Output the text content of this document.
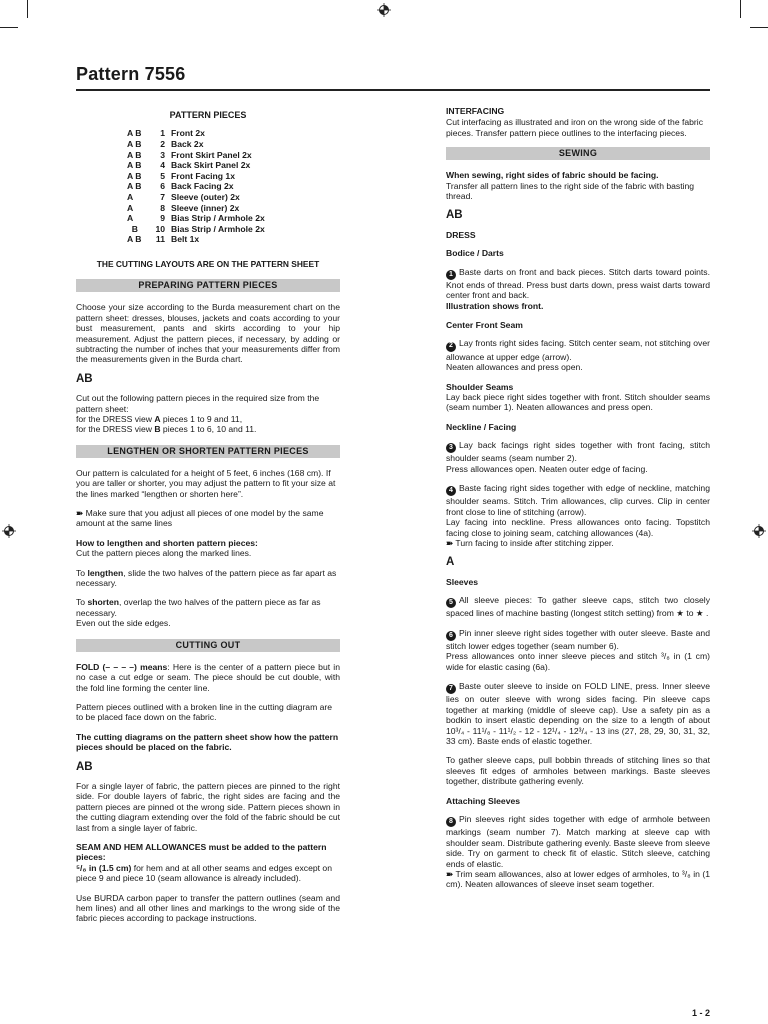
Pattern 7556
PATTERN PIECES
A B	1 Front 2x
A B	2 Back 2x
A B	3 Front Skirt Panel 2x
A B	4 Back Skirt Panel 2x
A B	5 Front Facing 1x
A B	6 Back Facing 2x
A	7 Sleeve (outer) 2x
A	8 Sleeve (inner) 2x
A	9 Bias Strip / Armhole 2x
B	10 Bias Strip / Armhole 2x
A B	11 Belt 1x
THE CUTTING LAYOUTS ARE ON THE PATTERN SHEET
PREPARING PATTERN PIECES

Choose your size according to the Burda measurement chart on the pattern sheet: dresses, blouses, jackets and coats according to your bust measurement, pants and skirts according to your hip measurement. Adjust the pattern pieces, if necessary, by adding or subtracting the number of inches that your measurements differ from the measurements given in the Burda chart.

AB

Cut out the following pattern pieces in the required size from the pattern sheet:
for the DRESS view A pieces 1 to 9 and 11,
for the DRESS view B pieces 1 to 6, 10 and 11.

LENGTHEN OR SHORTEN PATTERN PIECES

Our pattern is calculated for a height of 5 feet, 6 inches (168 cm). If you are taller or shorter, you may adjust the pattern to fit your size at the lines marked “lengthen or shorten here”.

➽ Make sure that you adjust all pieces of one model by the same amount at the same lines

How to lengthen and shorten pattern pieces:
Cut the pattern pieces along the marked lines.

To lengthen, slide the two halves of the pattern piece as far apart as necessary.

To shorten, overlap the two halves of the pattern piece as far as necessary.
Even out the side edges.

CUTTING OUT

FOLD (– – – –) means: Here is the center of a pattern piece but in no case a cut edge or seam. The piece should be cut double, with the fold line forming the center line.

Pattern pieces outlined with a broken line in the cutting diagram are to be placed face down on the fabric.

The cutting diagrams on the pattern sheet show how the pattern pieces should be placed on the fabric.

AB

For a single layer of fabric, the pattern pieces are pinned to the right side. For double layers of fabric, the right sides are facing and the pattern pieces are pinned ot the wrong side. Pattern pieces shown in the cutting diagram extending over the fold of the fabric should be cut last from a single layer of fabric.

SEAM AND HEM ALLOWANCES must be added to the pattern pieces:
⁵/₈ in (1.5 cm) for hem and at all other seams and edges except on piece 9 and piece 10 (seam allowance is already included).

Use BURDA carbon paper to transfer the pattern outlines (seam and hem lines) and all other lines and markings to the wrong side of the fabric pieces according to package instructions.

INTERFACING

Cut interfacing as illustrated and iron on the wrong side of the fabric pieces. Transfer pattern piece outlines to the interfacing pieces.

SEWING

When sewing, right sides of fabric should be facing.
Transfer all pattern lines to the right side of the fabric with basting thread.

AB
DRESS
Bodice / Darts

1 Baste darts on front and back pieces. Stitch darts toward points. Knot ends of thread. Press bust darts down, press waist darts toward center front and back.
Illustration shows front.

Center Front Seam

2 Lay fronts right sides facing. Stitch center seam, not stitching over allowance at upper edge (arrow).
Neaten allowances and press open.

Shoulder Seams

Lay back piece right sides together with front. Stitch shoulder seams (seam number 1). Neaten allowances and press open.

Neckline / Facing

3 Lay back facings right sides together with front facing, stitch shoulder seams (seam number 2).
Press allowances open. Neaten outer edge of facing.

4 Baste facing right sides together with edge of neckline, matching shoulder seams. Stitch. Trim allowances, clip curves. Clip in center front close to line of stitching (arrow).
Lay facing into neckline. Press allowances onto facing. Topstitch facing close to joining seam, catching allowances (4a).
➽ Turn facing to inside after stitching zipper.

A
Sleeves

5 All sleeve pieces: To gather sleeve caps, stitch two closely spaced lines of machine basting (longest stitch setting) from ★ to ★ .

6 Pin inner sleeve right sides together with outer sleeve. Baste and stitch lower edges together (seam number 6).
Press allowances onto inner sleeve pieces and stitch ³/₈ in (1 cm) wide for elastic casing (6a).

7 Baste outer sleeve to inside on FOLD LINE, press. Inner sleeve lies on outer sleeve with wrong sides facing. Pin sleeve caps together at marking (middle of sleeve cap). Use a safety pin as a bodkin to insert elastic depending on the size to a length of about 10³/₄ - 11¹/₈ - 11¹/₂ - 12 - 12¹/₄ - 12³/₄ - 13 ins (27, 28, 29, 30, 31, 32, 33 cm). Baste ends of elastic together.

To gather sleeve caps, pull bobbin threads of stitching lines so that sleeves fit edges of armholes between markings. Baste sleeves together, distribute gathering evenly.

Attaching Sleeves

8 Pin sleeves right sides together with edge of armhole between markings (seam number 7). Match marking at sleeve cap with shoulder seam. Distribute gathering evenly. Baste sleeve from sleeve side. Try on garment to check fit of elastic. Stitch sleeve, catching ends of elastic.
➽ Trim seam allowances, also at lower edges of armholes, to ³/₈ in (1 cm). Neaten allowances of sleeve inset seam together.

1 - 2
